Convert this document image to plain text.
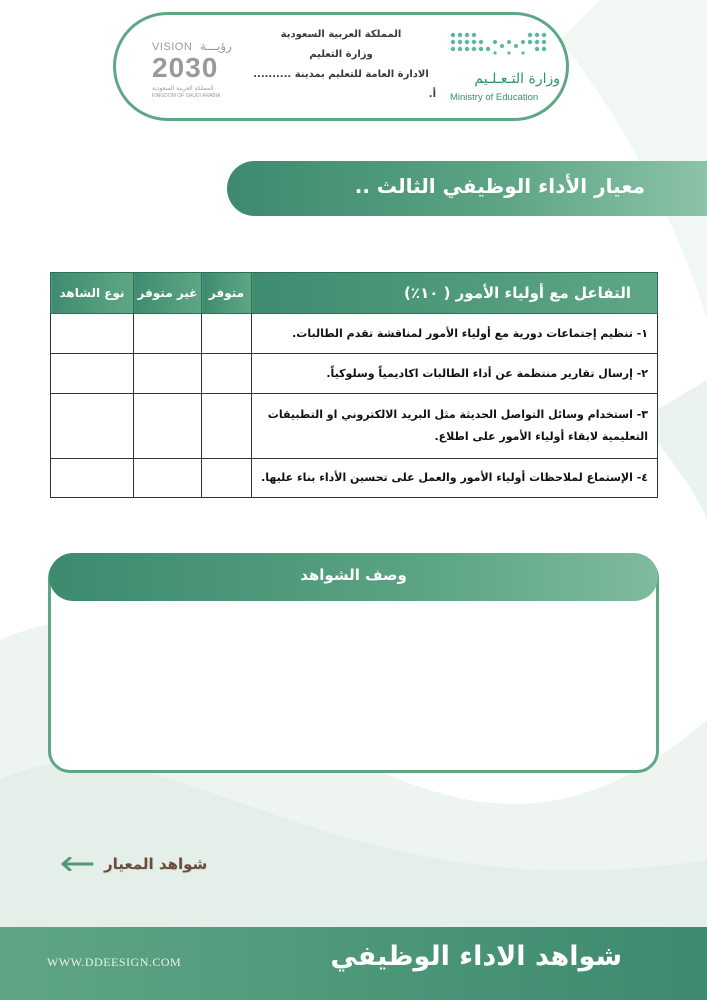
وزارة التـعـلـيم
Ministry of Education
المملكة العربية السعودية
وزارة التعليم
الادارة العامة للتعليم بمدينة ..........
أ.
VISION رؤيـــة
2030
المملكة العربية السعودية
KINGDOM OF SAUDI ARABIA
معيار الأداء الوظيفي الثالث ..
التفاعل مع أولياء الأمور ( ١٠٪)	متوفر	غير متوفر	نوع الشاهد
١- تنظيم إجتماعات دورية مع أولياء الأمور لمناقشة تقدم الطالبات.			
٢- إرسال تقارير منتظمة عن أداء الطالبات اكاديمياً وسلوكياً.			
٣- استخدام وسائل التواصل الحديثة مثل البريد الالكتروني او التطبيقات التعليمية لابقاء أولياء الأمور على اطلاع.			
٤- الإستماع لملاحظات أولياء الأمور والعمل على تحسين الأداء بناء عليها.			
وصف الشواهد
شواهد المعيار
WWW.DDEESIGN.COM	شواهد الاداء الوظيفي
